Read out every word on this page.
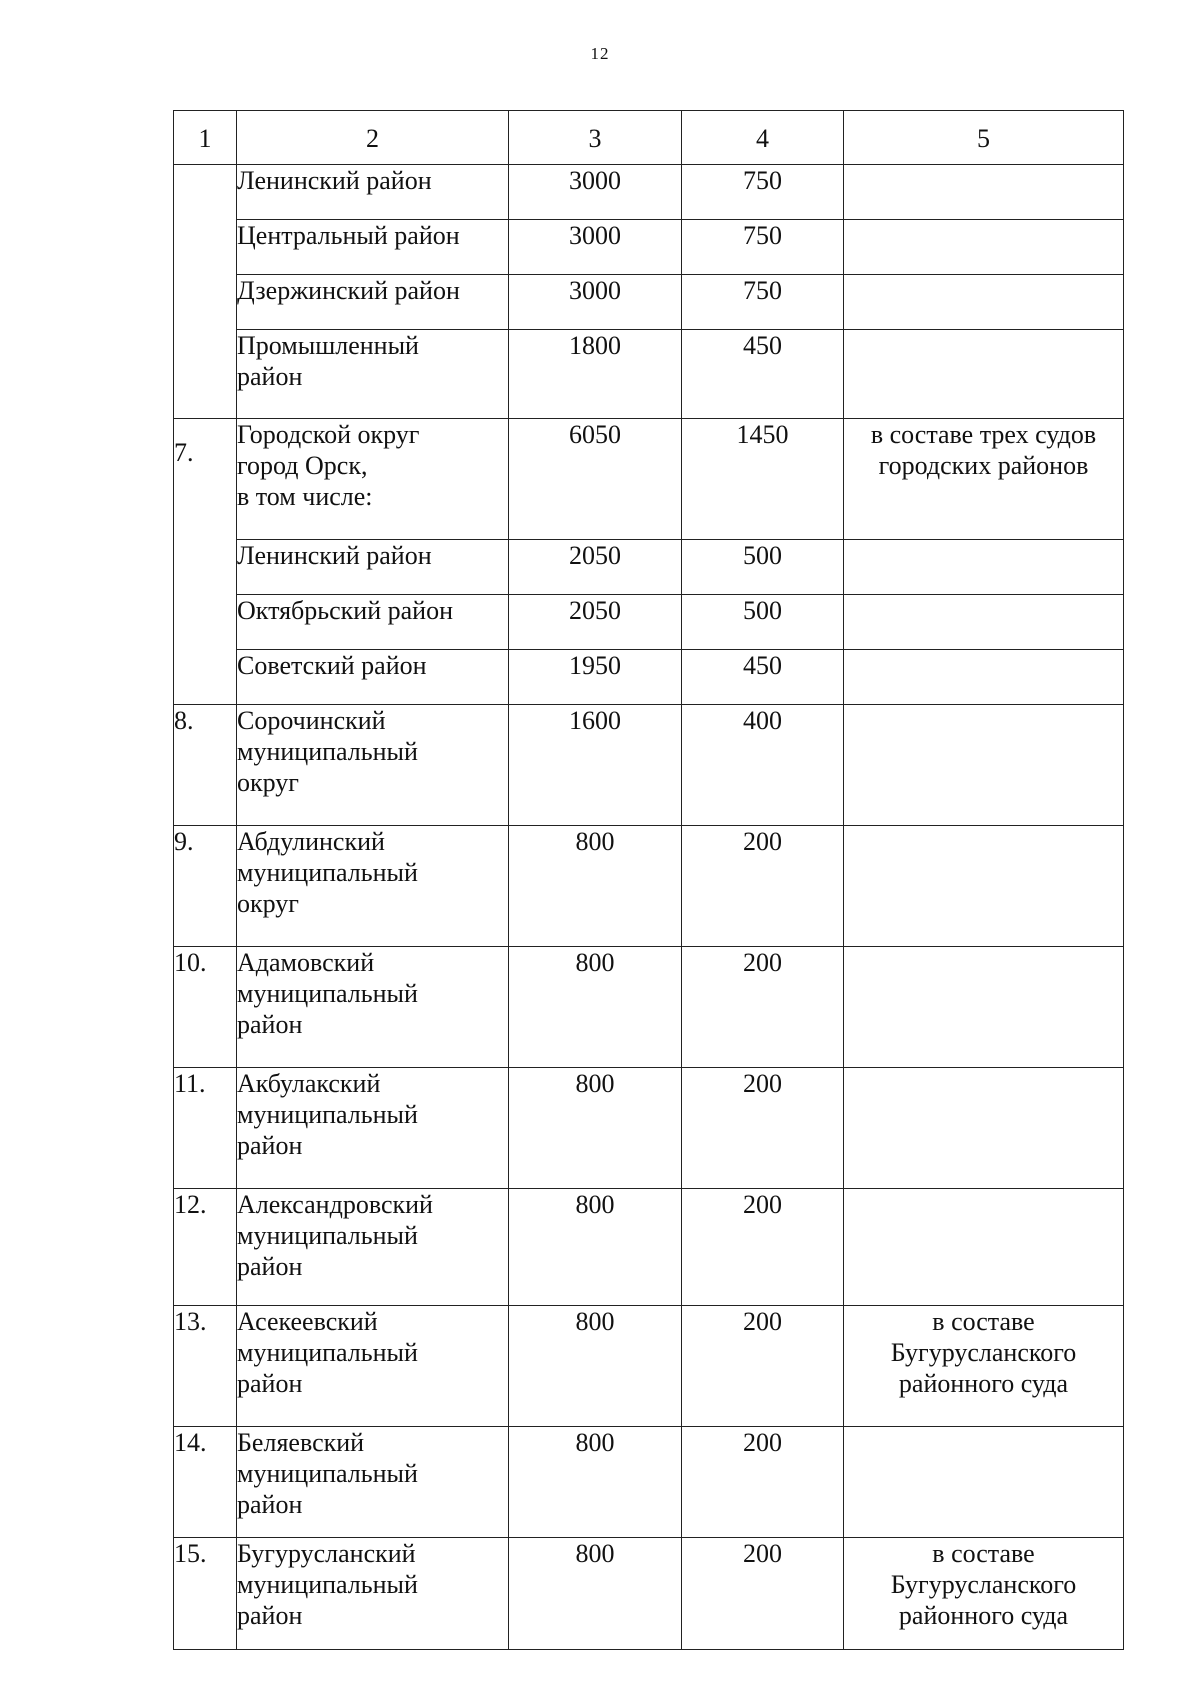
12
1	2	3	4	5

	Ленинский район	3000	750	

	Центральный район	3000	750	

	Дзержинский район	3000	750	

	Промышленный
район	1800	450	
7.	Городской округ
город Орск,
в том числе:	6050	1450	в составе трех судов
городских районов

	Ленинский район	2050	500	

	Октябрьский район	2050	500	

	Советский район	1950	450	
8.	Сорочинский
муниципальный
округ	1600	400	
9.	Абдулинский
муниципальный
округ	800	200	
10.	Адамовский
муниципальный
район	800	200	
11.	Акбулакский
муниципальный
район	800	200	
12.	Александровский
муниципальный
район	800	200	
13.	Асекеевский
муниципальный
район	800	200	в составе
Бугурусланского
районного суда

14.	Беляевский
муниципальный
район	800	200	
15.	Бугурусланский
муниципальный
район	800	200	в составе
Бугурусланского
районного суда
